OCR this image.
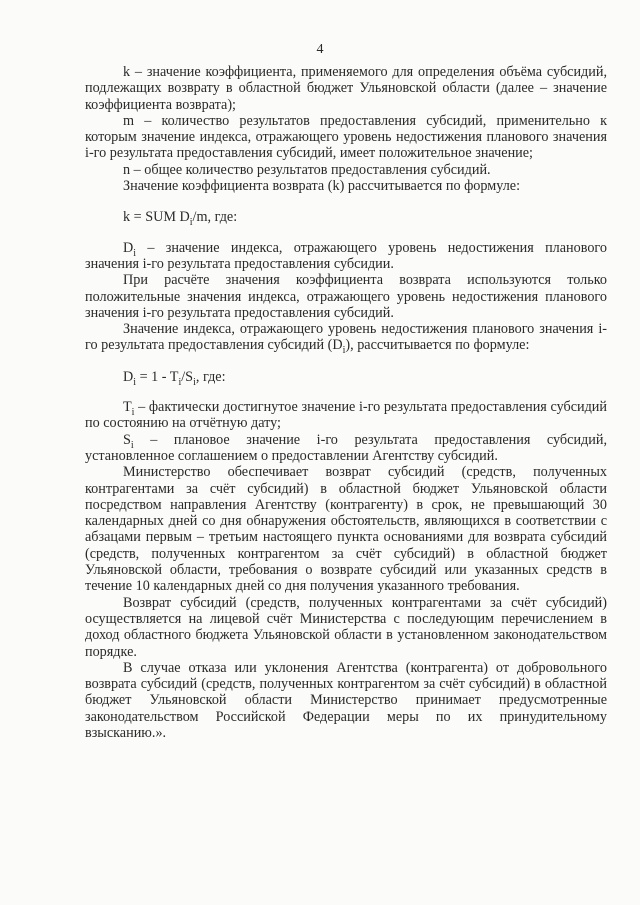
4

k – значение коэффициента, применяемого для определения объёма субсидий, подлежащих возврату в областной бюджет Ульяновской области (далее – значение коэффициента возврата);

m – количество результатов предоставления субсидий, применительно к которым значение индекса, отражающего уровень недостижения планового значения i-го результата предоставления субсидий, имеет положительное значение;

n – общее количество результатов предоставления субсидий.

Значение коэффициента возврата (k) рассчитывается по формуле:

k = SUM $D_i/m$, где:

$D_i$ – значение индекса, отражающего уровень недостижения планового значения i-го результата предоставления субсидии.

При расчёте значения коэффициента возврата используются только положительные значения индекса, отражающего уровень недостижения планового значения i-го результата предоставления субсидий.

Значение индекса, отражающего уровень недостижения планового значения i-го результата предоставления субсидий $(D_i)$, рассчитывается по формуле:

$D_i = 1 - T_i/S_i$, где:

$T_i$ – фактически достигнутое значение i-го результата предоставления субсидий по состоянию на отчётную дату;

$S_i$ – плановое значение i-го результата предоставления субсидий, установленное соглашением о предоставлении Агентству субсидий.

Министерство обеспечивает возврат субсидий (средств, полученных контрагентами за счёт субсидий) в областной бюджет Ульяновской области посредством направления Агентству (контрагенту) в срок, не превышающий 30 календарных дней со дня обнаружения обстоятельств, являющихся в соответствии с абзацами первым – третьим настоящего пункта основаниями для возврата субсидий (средств, полученных контрагентом за счёт субсидий) в областной бюджет Ульяновской области, требования о возврате субсидий или указанных средств в течение 10 календарных дней со дня получения указанного требования.

Возврат субсидий (средств, полученных контрагентами за счёт субсидий) осуществляется на лицевой счёт Министерства с последующим перечислением в доход областного бюджета Ульяновской области в установленном законодательством порядке.

В случае отказа или уклонения Агентства (контрагента) от добровольного возврата субсидий (средств, полученных контрагентом за счёт субсидий) в областной бюджет Ульяновской области Министерство принимает предусмотренные законодательством Российской Федерации меры по их принудительному взысканию.».
